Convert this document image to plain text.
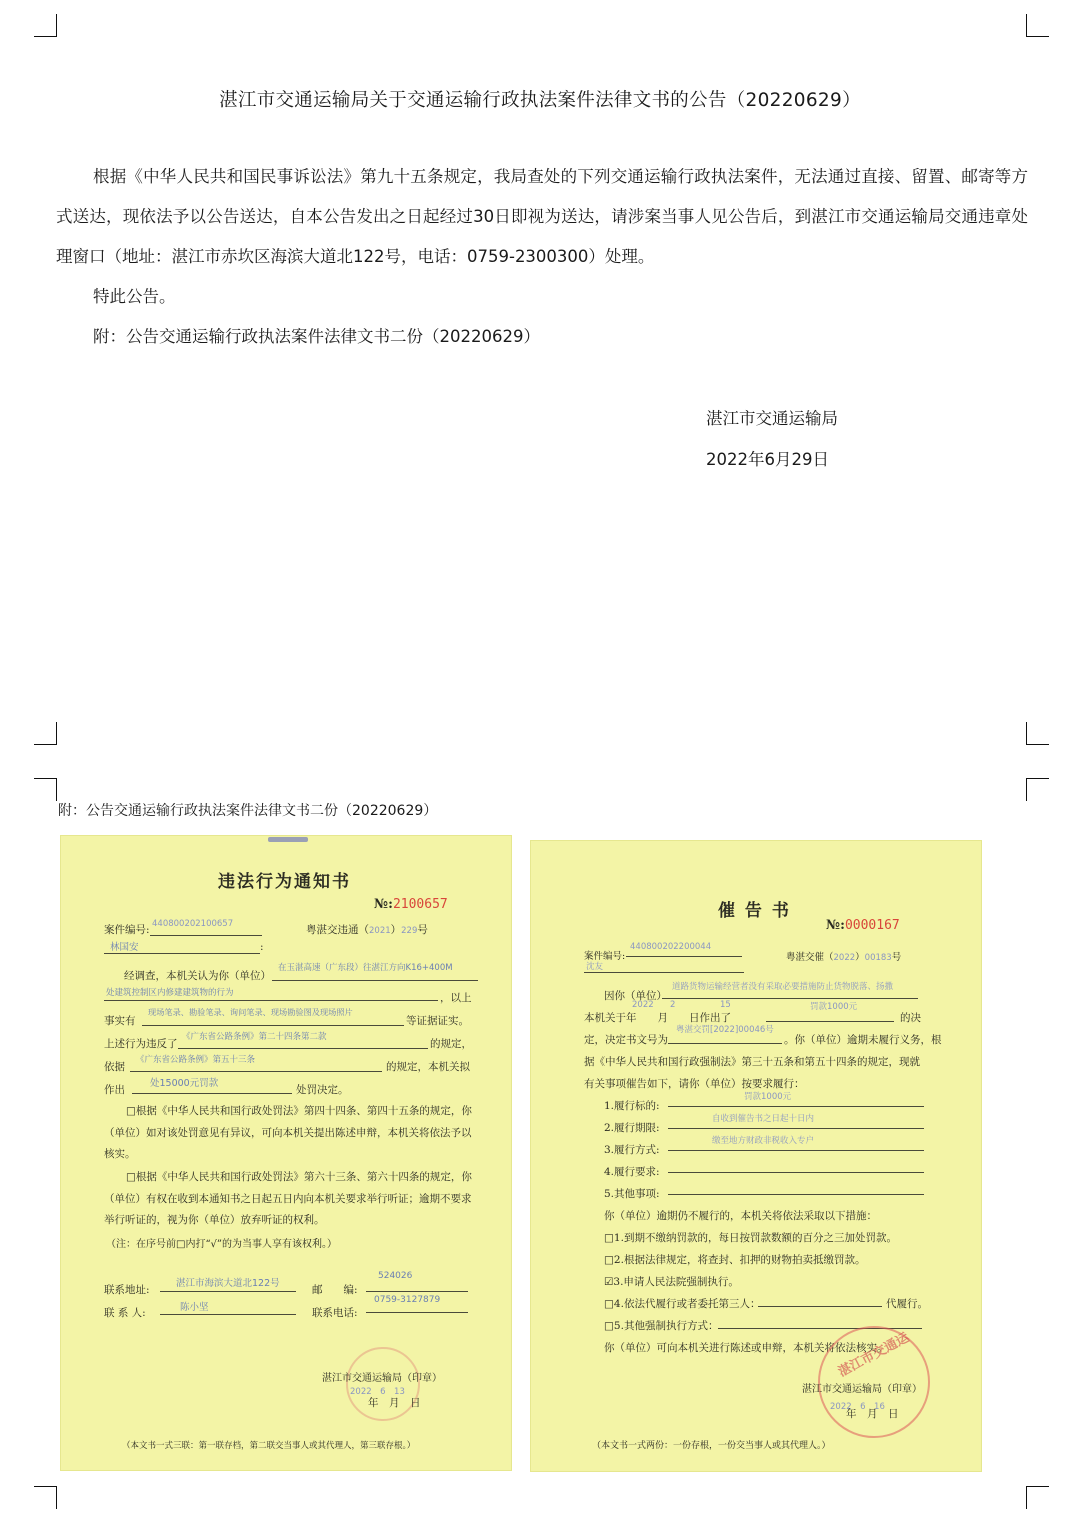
湛江市交通运输局关于交通运输行政执法案件法律文书的公告（20220629）

根据《中华人民共和国民事诉讼法》第九十五条规定，我局查处的下列交通运输行政执法案件，无法通过直接、留置、邮寄等方式送达，现依法予以公告送达，自本公告发出之日起经过30日即视为送达，请涉案当事人见公告后，到湛江市交通运输局交通违章处理窗口（地址：湛江市赤坎区海滨大道北122号，电话：0759-2300300）处理。

特此公告。

附：公告交通运输行政执法案件法律文书二份（20220629）

湛江市交通运输局
2022年6月29日
附：公告交通运输行政执法案件法律文书二份（20220629）
违法行为通知书
№:2100657
案件编号: 440800202100657	粤湛交违通（2021）229号
林国安	:
经调查，本机关认为你（单位）
在玉湛高速（广东段）往湛江方向K16+400M
处建筑控制区内修建建筑物的行为	，以上
事实有
现场笔录、勘验笔录、询问笔录、现场勘验图及现场照片
等证据证实。
上述行为违反了
《广东省公路条例》第二十四条第二款
的规定，
依据
《广东省公路条例》第五十三条
的规定，本机关拟
作出
处15000元罚款
处罚决定。
□根据《中华人民共和国行政处罚法》第四十四条、第四十五条的规定，你（单位）如对该处罚意见有异议，可向本机关提出陈述申辩，本机关将依法予以核实。
□根据《中华人民共和国行政处罚法》第六十三条、第六十四条的规定，你（单位）有权在收到本通知书之日起五日内向本机关要求举行听证；逾期不要求举行听证的，视为你（单位）放弃听证的权利。
（注：在序号前□内打“√”的为当事人享有该权利。）
联系地址:
湛江市海滨大道北122号
邮　　编:
524026
联 系 人:	陈小坚	联系电话:
0759-3127879
湛江市交通运输局（印章）
2022　6　13
年　月　日
（本文书一式三联：第一联存档，第二联交当事人或其代理人，第三联存根。）
催 告 书
№:0000167
案件编号:
440800202200044
粤湛交催（2022）00183号
沈友
道路货物运输经营者没有采取必要措施防止货物脱落、扬撒
因你（单位）
2022 2	15
本机关于年　　月　　日作出了
罚款1000元
的决
定，决定书文号为
粤湛交罚[2022]00046号
。你（单位）逾期未履行义务，根
据《中华人民共和国行政强制法》第三十五条和第五十四条的规定，现就
有关事项催告如下，请你（单位）按要求履行：
1.履行标的:
罚款1000元
2.履行期限:
自收到催告书之日起十日内
3.履行方式:
缴至地方财政非税收入专户
4.履行要求:
5.其他事项:
你（单位）逾期仍不履行的，本机关将依法采取以下措施：
□1.到期不缴纳罚款的，每日按罚款数额的百分之三加处罚款。
□2.根据法律规定，将查封、扣押的财物拍卖抵缴罚款。
☑3.申请人民法院强制执行。
□4.依法代履行或者委托第三人：	代履行。
□5.其他强制执行方式：
你（单位）可向本机关进行陈述或申辩，本机关将依法核实。
湛江市交通运
湛江市交通运输局（印章）
2022　6　16
年　月　日
（本文书一式两份：一份存根，一份交当事人或其代理人。）
